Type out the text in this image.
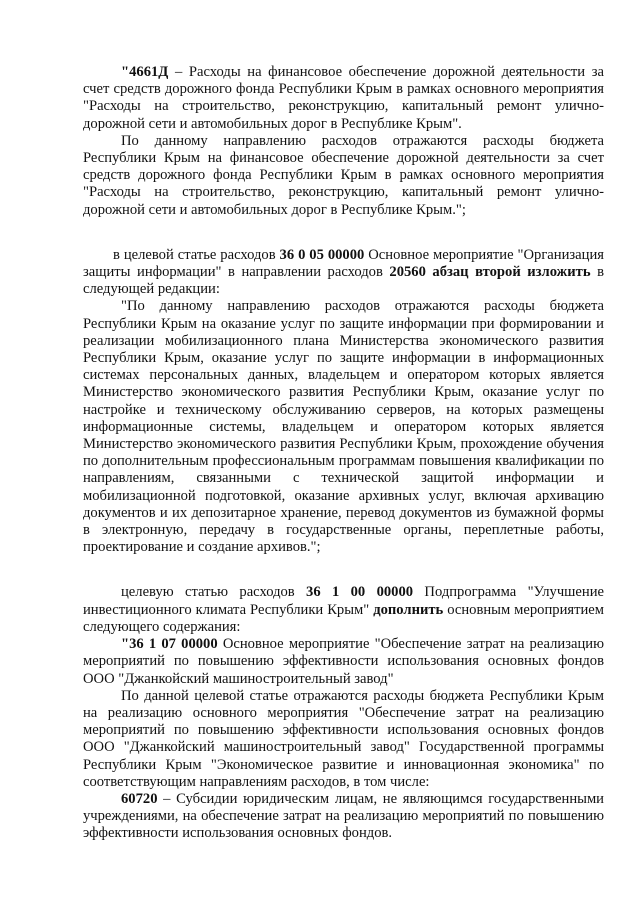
"4661Д – Расходы на финансовое обеспечение дорожной деятельности за счет средств дорожного фонда Республики Крым в рамках основного мероприятия "Расходы на строительство, реконструкцию, капитальный ремонт улично-дорожной сети и автомобильных дорог в Республике Крым".

По данному направлению расходов отражаются расходы бюджета Республики Крым на финансовое обеспечение дорожной деятельности за счет средств дорожного фонда Республики Крым в рамках основного мероприятия "Расходы на строительство, реконструкцию, капитальный ремонт улично-дорожной сети и автомобильных дорог в Республике Крым.";

в целевой статье расходов 36 0 05 00000 Основное мероприятие "Организация защиты информации" в направлении расходов 20560 абзац второй изложить в следующей редакции:

"По данному направлению расходов отражаются расходы бюджета Республики Крым на оказание услуг по защите информации при формировании и реализации мобилизационного плана Министерства экономического развития Республики Крым, оказание услуг по защите информации в информационных системах персональных данных, владельцем и оператором которых является Министерство экономического развития Республики Крым, оказание услуг по настройке и техническому обслуживанию серверов, на которых размещены информационные системы, владельцем и оператором которых является Министерство экономического развития Республики Крым, прохождение обучения по дополнительным профессиональным программам повышения квалификации по направлениям, связанными с технической защитой информации и мобилизационной подготовкой, оказание архивных услуг, включая архивацию документов и их депозитарное хранение, перевод документов из бумажной формы в электронную, передачу в государственные органы, переплетные работы, проектирование и создание архивов.";

целевую статью расходов 36 1 00 00000 Подпрограмма "Улучшение инвестиционного климата Республики Крым" дополнить основным мероприятием следующего содержания:

"36 1 07 00000 Основное мероприятие "Обеспечение затрат на реализацию мероприятий по повышению эффективности использования основных фондов ООО "Джанкойский машиностроительный завод"

По данной целевой статье отражаются расходы бюджета Республики Крым на реализацию основного мероприятия "Обеспечение затрат на реализацию мероприятий по повышению эффективности использования основных фондов ООО "Джанкойский машиностроительный завод" Государственной программы Республики Крым "Экономическое развитие и инновационная экономика" по соответствующим направлениям расходов, в том числе:

60720 – Субсидии юридическим лицам, не являющимся государственными учреждениями, на обеспечение затрат на реализацию мероприятий по повышению эффективности использования основных фондов.
